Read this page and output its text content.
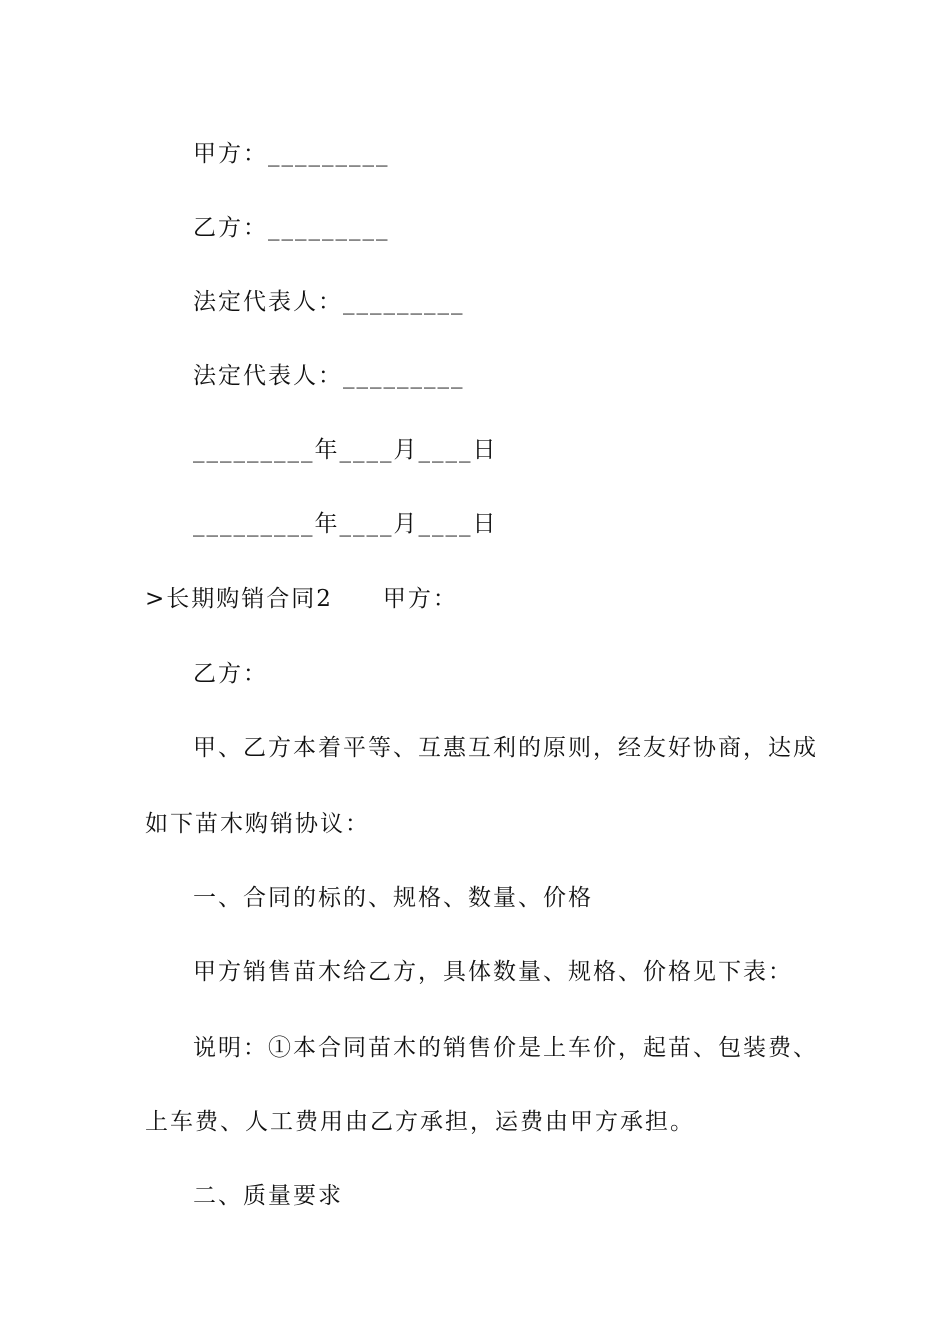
甲方：_________
乙方：_________
法定代表人：_________
法定代表人：_________
_________年____月____日
_________年____月____日
>长期购销合同2　　甲方：
乙方：
甲、乙方本着平等、互惠互利的原则，经友好协商，达成
如下苗木购销协议：
一、合同的标的、规格、数量、价格
甲方销售苗木给乙方，具体数量、规格、价格见下表：
说明：①本合同苗木的销售价是上车价，起苗、包装费、
上车费、人工费用由乙方承担，运费由甲方承担。
二、质量要求
